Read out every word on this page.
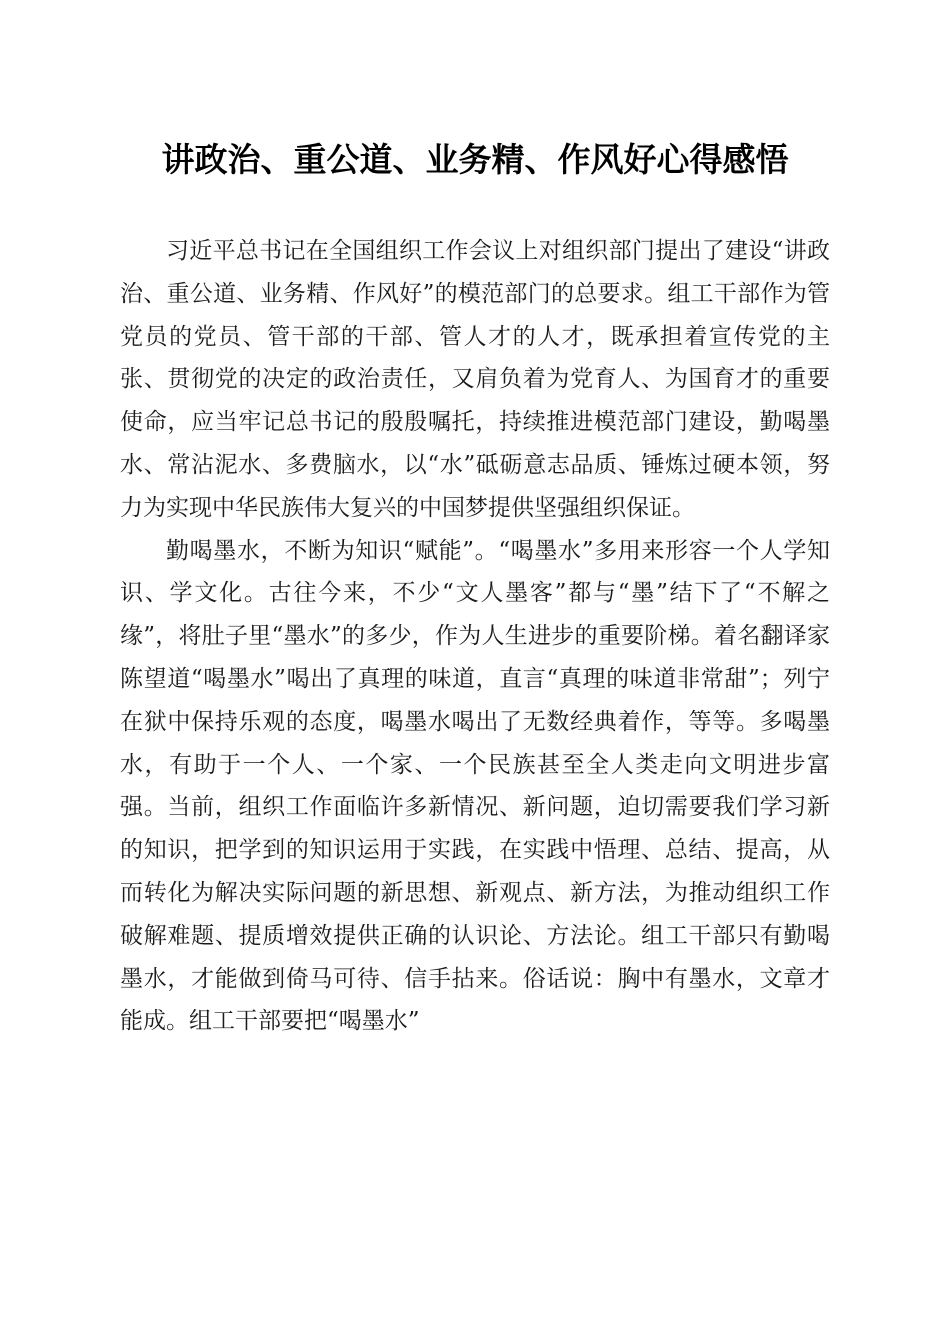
讲政治、重公道、业务精、作风好心得感悟

习近平总书记在全国组织工作会议上对组织部门提出了建设“讲政治、重公道、业务精、作风好”的模范部门的总要求。组工干部作为管党员的党员、管干部的干部、管人才的人才，既承担着宣传党的主张、贯彻党的决定的政治责任，又肩负着为党育人、为国育才的重要使命，应当牢记总书记的殷殷嘱托，持续推进模范部门建设，勤喝墨水、常沾泥水、多费脑水，以“水”砥砺意志品质、锤炼过硬本领，努力为实现中华民族伟大复兴的中国梦提供坚强组织保证。

勤喝墨水，不断为知识“赋能”。“喝墨水”多用来形容一个人学知识、学文化。古往今来，不少“文人墨客”都与“墨”结下了“不解之缘”，将肚子里“墨水”的多少，作为人生进步的重要阶梯。着名翻译家陈望道“喝墨水”喝出了真理的味道，直言“真理的味道非常甜”；列宁在狱中保持乐观的态度，喝墨水喝出了无数经典着作，等等。多喝墨水，有助于一个人、一个家、一个民族甚至全人类走向文明进步富强。当前，组织工作面临许多新情况、新问题，迫切需要我们学习新的知识，把学到的知识运用于实践，在实践中悟理、总结、提高，从而转化为解决实际问题的新思想、新观点、新方法，为推动组织工作破解难题、提质增效提供正确的认识论、方法论。组工干部只有勤喝墨水，才能做到倚马可待、信手拈来。俗话说：胸中有墨水，文章才能成。组工干部要把“喝墨水”
